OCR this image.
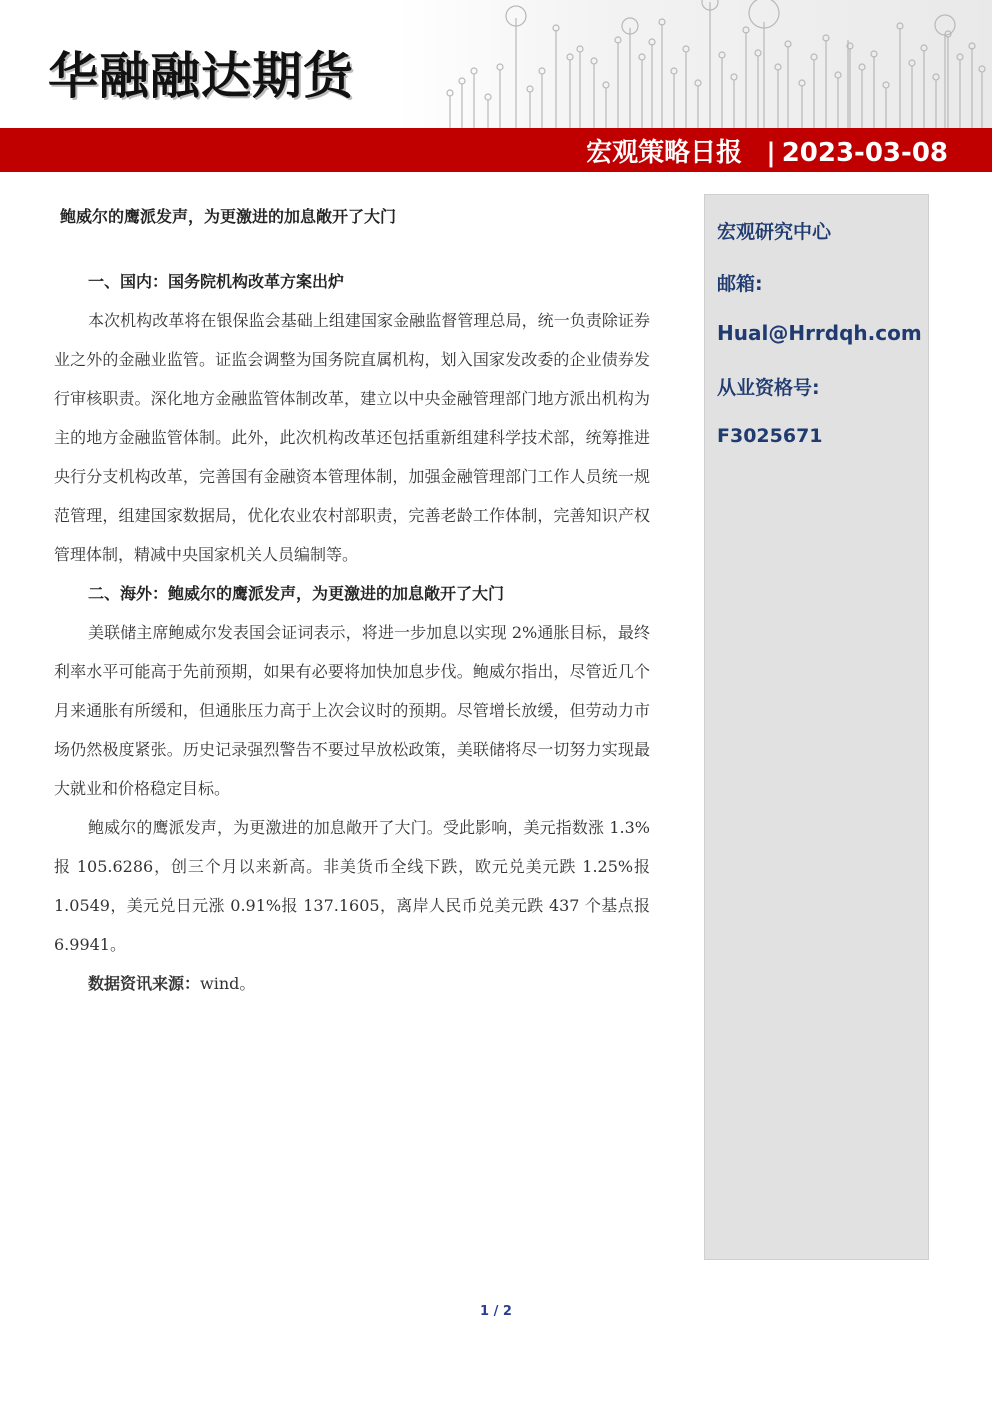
华融融达期货
宏观策略日报 | 2023-03-08
鲍威尔的鹰派发声，为更激进的加息敞开了大门

一、国内：国务院机构改革方案出炉

本次机构改革将在银保监会基础上组建国家金融监督管理总局，统一负责除证券业之外的金融业监管。证监会调整为国务院直属机构，划入国家发改委的企业债券发行审核职责。深化地方金融监管体制改革，建立以中央金融管理部门地方派出机构为主的地方金融监管体制。此外，此次机构改革还包括重新组建科学技术部，统筹推进央行分支机构改革，完善国有金融资本管理体制，加强金融管理部门工作人员统一规范管理，组建国家数据局，优化农业农村部职责，完善老龄工作体制，完善知识产权管理体制，精减中央国家机关人员编制等。

二、海外：鲍威尔的鹰派发声，为更激进的加息敞开了大门

美联储主席鲍威尔发表国会证词表示，将进一步加息以实现 2%通胀目标，最终利率水平可能高于先前预期，如果有必要将加快加息步伐。鲍威尔指出，尽管近几个月来通胀有所缓和，但通胀压力高于上次会议时的预期。尽管增长放缓，但劳动力市场仍然极度紧张。历史记录强烈警告不要过早放松政策，美联储将尽一切努力实现最大就业和价格稳定目标。

鲍威尔的鹰派发声，为更激进的加息敞开了大门。受此影响，美元指数涨 1.3%报 105.6286，创三个月以来新高。非美货币全线下跌，欧元兑美元跌 1.25%报 1.0549，美元兑日元涨 0.91%报 137.1605，离岸人民币兑美元跌 437 个基点报 6.9941。

数据资讯来源：wind。

宏观研究中心
邮箱:
Hual@Hrrdqh.com
从业资格号:
F3025671
1 / 2
